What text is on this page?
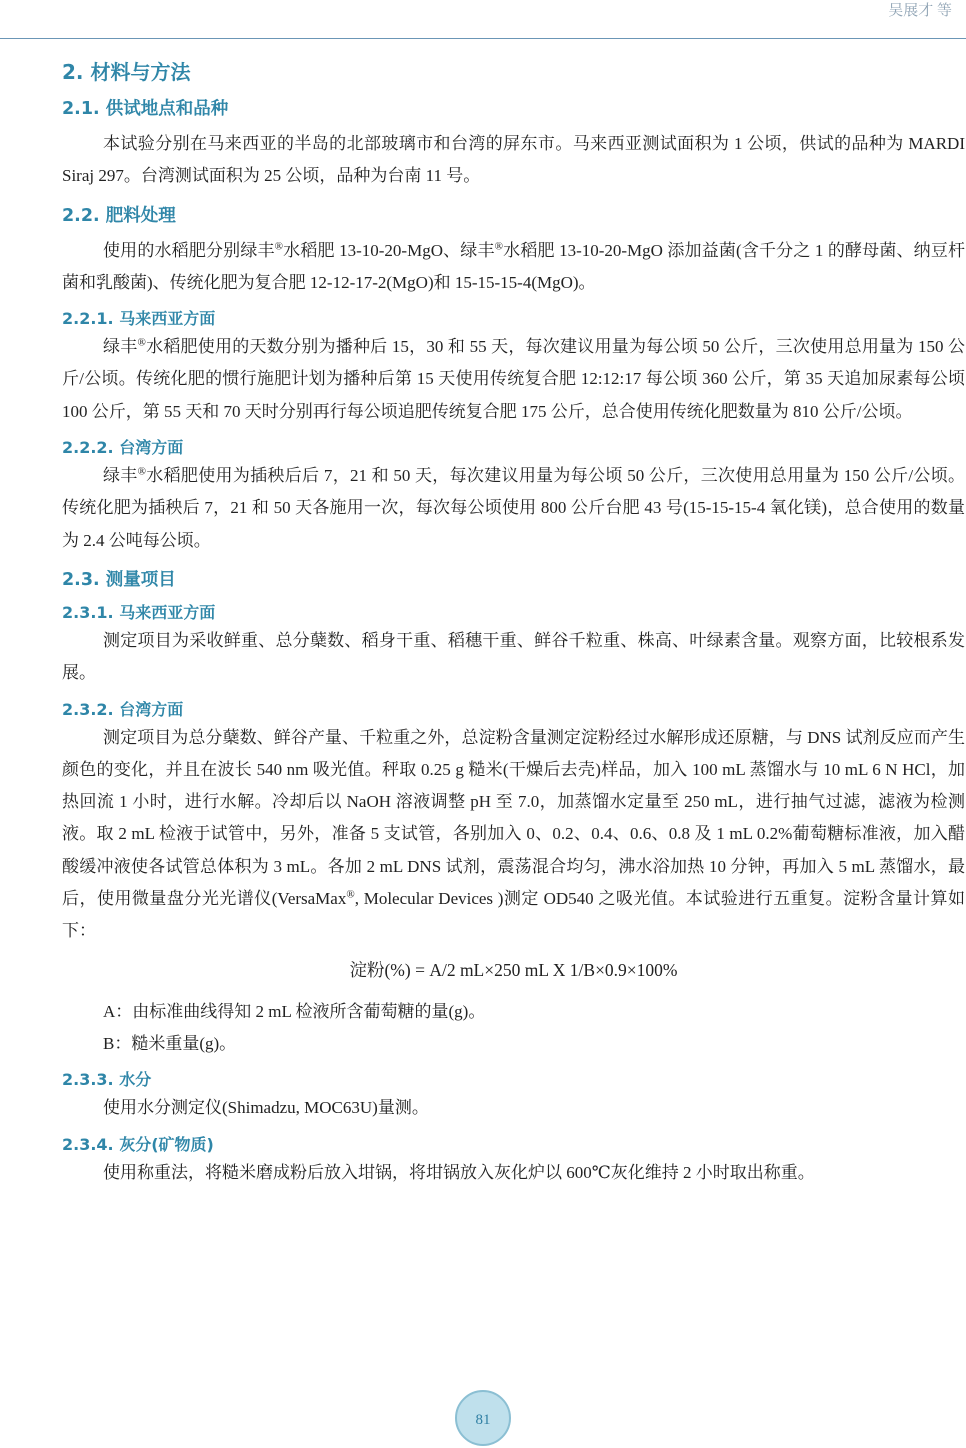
吴展才 等
2. 材料与方法
2.1. 供试地点和品种

本试验分别在马来西亚的半岛的北部玻璃市和台湾的屏东市。马来西亚测试面积为 1 公顷，供试的品种为 MARDI Siraj 297。台湾测试面积为 25 公顷，品种为台南 11 号。

2.2. 肥料处理

使用的水稻肥分别绿丰®水稻肥 13-10-20-MgO、绿丰®水稻肥 13-10-20-MgO 添加益菌(含千分之 1 的酵母菌、纳豆杆菌和乳酸菌)、传统化肥为复合肥 12-12-17-2(MgO)和 15-15-15-4(MgO)。

2.2.1. 马来西亚方面

绿丰®水稻肥使用的天数分别为播种后 15，30 和 55 天，每次建议用量为每公顷 50 公斤，三次使用总用量为 150 公斤/公顷。传统化肥的惯行施肥计划为播种后第 15 天使用传统复合肥 12:12:17 每公顷 360 公斤，第 35 天追加尿素每公顷 100 公斤，第 55 天和 70 天时分别再行每公顷追肥传统复合肥 175 公斤，总合使用传统化肥数量为 810 公斤/公顷。

2.2.2. 台湾方面

绿丰®水稻肥使用为插秧后后 7，21 和 50 天，每次建议用量为每公顷 50 公斤，三次使用总用量为 150 公斤/公顷。传统化肥为插秧后 7，21 和 50 天各施用一次，每次每公顷使用 800 公斤台肥 43 号(15-15-15-4 氧化镁)，总合使用的数量为 2.4 公吨每公顷。

2.3. 测量项目
2.3.1. 马来西亚方面

测定项目为采收鲜重、总分蘖数、稻身干重、稻穗干重、鲜谷千粒重、株高、叶绿素含量。观察方面，比较根系发展。

2.3.2. 台湾方面

测定项目为总分蘖数、鲜谷产量、千粒重之外，总淀粉含量测定淀粉经过水解形成还原糖，与 DNS 试剂反应而产生颜色的变化，并且在波长 540 nm 吸光值。秤取 0.25 g 糙米(干燥后去壳)样品，加入 100 mL 蒸馏水与 10 mL 6 N HCl，加热回流 1 小时，进行水解。冷却后以 NaOH 溶液调整 pH 至 7.0，加蒸馏水定量至 250 mL，进行抽气过滤，滤液为检测液。取 2 mL 检液于试管中，另外，准备 5 支试管，各别加入 0、0.2、0.4、0.6、0.8 及 1 mL 0.2%葡萄糖标准液，加入醋酸缓冲液使各试管总体积为 3 mL。各加 2 mL DNS 试剂，震荡混合均匀，沸水浴加热 10 分钟，再加入 5 mL 蒸馏水，最后，使用微量盘分光光谱仪(VersaMax®, Molecular Devices )测定 OD540 之吸光值。本试验进行五重复。淀粉含量计算如下：

淀粉(%) = A/2 mL×250 mL X 1/B×0.9×100%

A：由标准曲线得知 2 mL 检液所含葡萄糖的量(g)。

B：糙米重量(g)。

2.3.3. 水分

使用水分测定仪(Shimadzu, MOC63U)量测。

2.3.4. 灰分(矿物质)

使用称重法，将糙米磨成粉后放入坩锅，将坩锅放入灰化炉以 600℃灰化维持 2 小时取出称重。

81
